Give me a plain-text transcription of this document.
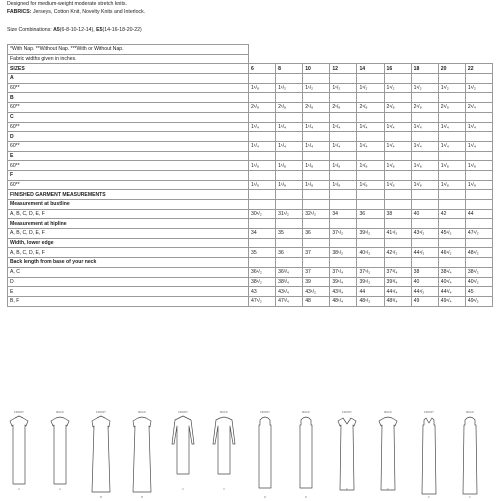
Designed for medium-weight moderate stretch knits.
FABRICS: Jerseys, Cotton Knit, Novelty Knits and Interlock.
Size Combinations: A5(6-8-10-12-14), E5(14-16-18-20-22)
*With Nap. **Without Nap. ***With or Without Nap.									
Fabric widths given in inches.									
SIZES	6	8	10	12	14	16	18	20	22
A									
60**	1¹/₈	1¹/₂	1¹/₂	1¹/₂	1¹/₂	1¹/₂	1¹/₂	1¹/₂	1¹/₂
B									
60**	2¹/₈	2¹/₈	2¹/₈	2¹/₈	2¹/₈	2¹/₈	2¹/₈	2¹/₈	2¹/₄
C									
60**	1¹/₄	1¹/₄	1¹/₄	1¹/₄	1¹/₄	1¹/₄	1¹/₄	1¹/₄	1¹/₄
D									
60**	1¹/₄	1¹/₄	1¹/₄	1¹/₄	1¹/₄	1¹/₄	1¹/₄	1¹/₄	1¹/₄
E									
60**	1¹/₈	1¹/₈	1¹/₈	1¹/₈	1¹/₈	1¹/₈	1¹/₈	1¹/₈	1¹/₈
F									
60**	1¹/₈	1¹/₈	1¹/₈	1¹/₈	1¹/₈	1¹/₈	1¹/₈	1¹/₈	1¹/₈
FINISHED GARMENT MEASUREMENTS									
Measurement at bustline									
A, B, C, D, E, F	30¹/₂	31¹/₂	32¹/₂	34	36	38	40	42	44
Measurement at hipline									
A, B, C, D, E, F	34	35	36	37¹/₂	39¹/₂	41¹/₂	43¹/₂	45¹/₂	47¹/₂
Width, lower edge									
A, B, C, D, E, F	35	36	37	38¹/₂	40¹/₂	42¹/₂	44¹/₂	46¹/₂	48¹/₂
Back length from base of your neck									
A, C	36¹/₂	36³/₄	37	37¹/₄	37¹/₂	37³/₄	38	38¹/₄	38¹/₂
D	38¹/₂	38³/₄	39	39¹/₄	39¹/₂	39³/₄	40	40¹/₄	40¹/₂
E	43	43¹/₄	43¹/₂	43³/₄	44	44¹/₄	44¹/₂	44³/₄	45
B, F	47¹/₂	47³/₄	48	48¹/₄	48¹/₂	48³/₄	49	49¹/₄	49¹/₂
FRONT
A
BACK
A
FRONT
B
BACK
B
FRONT
C
BACK
C
FRONT
D
BACK
D
FRONT
E
BACK
E
FRONT
F
BACK
F
